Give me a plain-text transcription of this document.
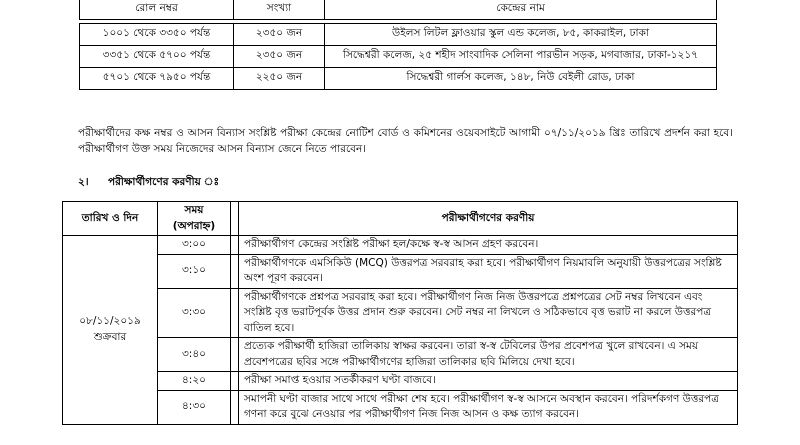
রোল নম্বর	সংখ্যা	কেন্দ্রের নাম

১০০১ থেকে ৩৩৫০ পর্যন্ত	২৩৫০ জন	উইলস লিটল ফ্লাওয়ার স্কুল এন্ড কলেজ, ৮৫, কাকরাইল, ঢাকা
৩৩৫১ থেকে ৫৭০০ পর্যন্ত	২৩৫০ জন	সিদ্ধেশ্বরী কলেজ, ২৫ শহীদ সাংবাদিক সেলিনা পারভীন সড়ক, মগবাজার, ঢাকা-১২১৭
৫৭০১ থেকে ৭৯৫০ পর্যন্ত	২২৫০ জন	সিদ্ধেশ্বরী গার্লস কলেজ, ১৪৮, নিউ বেইলী রোড, ঢাকা
পরীক্ষার্থীদের কক্ষ নম্বর ও আসন বিন্যাস সংশ্লিষ্ট পরীক্ষা কেন্দ্রের নোটিশ বোর্ড ও কমিশনের ওয়েবসাইটে আগামী ০৭/১১/২০১৯ খ্রিঃ তারিখে প্রদর্শন করা হবে। পরীক্ষার্থীগণ উক্ত সময় নিজেদের আসন বিন্যাস জেনে নিতে পারবেন।
২। পরীক্ষার্থীগণের করণীয় ঃ
তারিখ ও দিন	সময় (অপরাহ্ন)		পরীক্ষার্থীগণের করণীয়

০৮/১১/২০১৯
শুক্রবার	৩:০০		পরীক্ষার্থীগণ কেন্দ্রের সংশ্লিষ্ট পরীক্ষা হল/কক্ষে স্ব-স্ব আসন গ্রহণ করবেন।
	৩:১০		পরীক্ষার্থীগণকে এমসিকিউ (MCQ) উত্তরপত্র সরবরাহ করা হবে। পরীক্ষার্থীগণ নিয়মাবলি অনুযায়ী উত্তরপত্রের সংশ্লিষ্ট অংশ পূরণ করবেন।
	৩:৩০		পরীক্ষার্থীগণকে প্রশ্নপত্র সরবরাহ করা হবে। পরীক্ষার্থীগণ নিজ নিজ উত্তরপত্রে প্রশ্নপত্রের সেট নম্বর লিখবেন এবং সংশ্লিষ্ট বৃত্ত ভরাটপূর্বক উত্তর প্রদান শুরু করবেন। সেট নম্বর না লিখলে ও সঠিকভাবে বৃত্ত ভরাট না করলে উত্তরপত্র বাতিল হবে।
	৩:৪০		প্রত্যেক পরীক্ষার্থী হাজিরা তালিকায় স্বাক্ষর করবেন। তারা স্ব-স্ব টেবিলের উপর প্রবেশপত্র খুলে রাখবেন। এ সময় প্রবেশপত্রের ছবির সঙ্গে পরীক্ষার্থীগণের হাজিরা তালিকার ছবি মিলিয়ে দেখা হবে।
	৪:২০		পরীক্ষা সমাপ্ত হওয়ার সতর্কীকরণ ঘণ্টা বাজবে।
	৪:৩০		সমাপনী ঘণ্টা বাজার সাথে সাথে পরীক্ষা শেষ হবে। পরীক্ষার্থীগণ স্ব-স্ব আসনে অবস্থান করবেন। পরিদর্শকগণ উত্তরপত্র গণনা করে বুঝে নেওয়ার পর পরীক্ষার্থীগণ নিজ নিজ আসন ও কক্ষ ত্যাগ করবেন।
